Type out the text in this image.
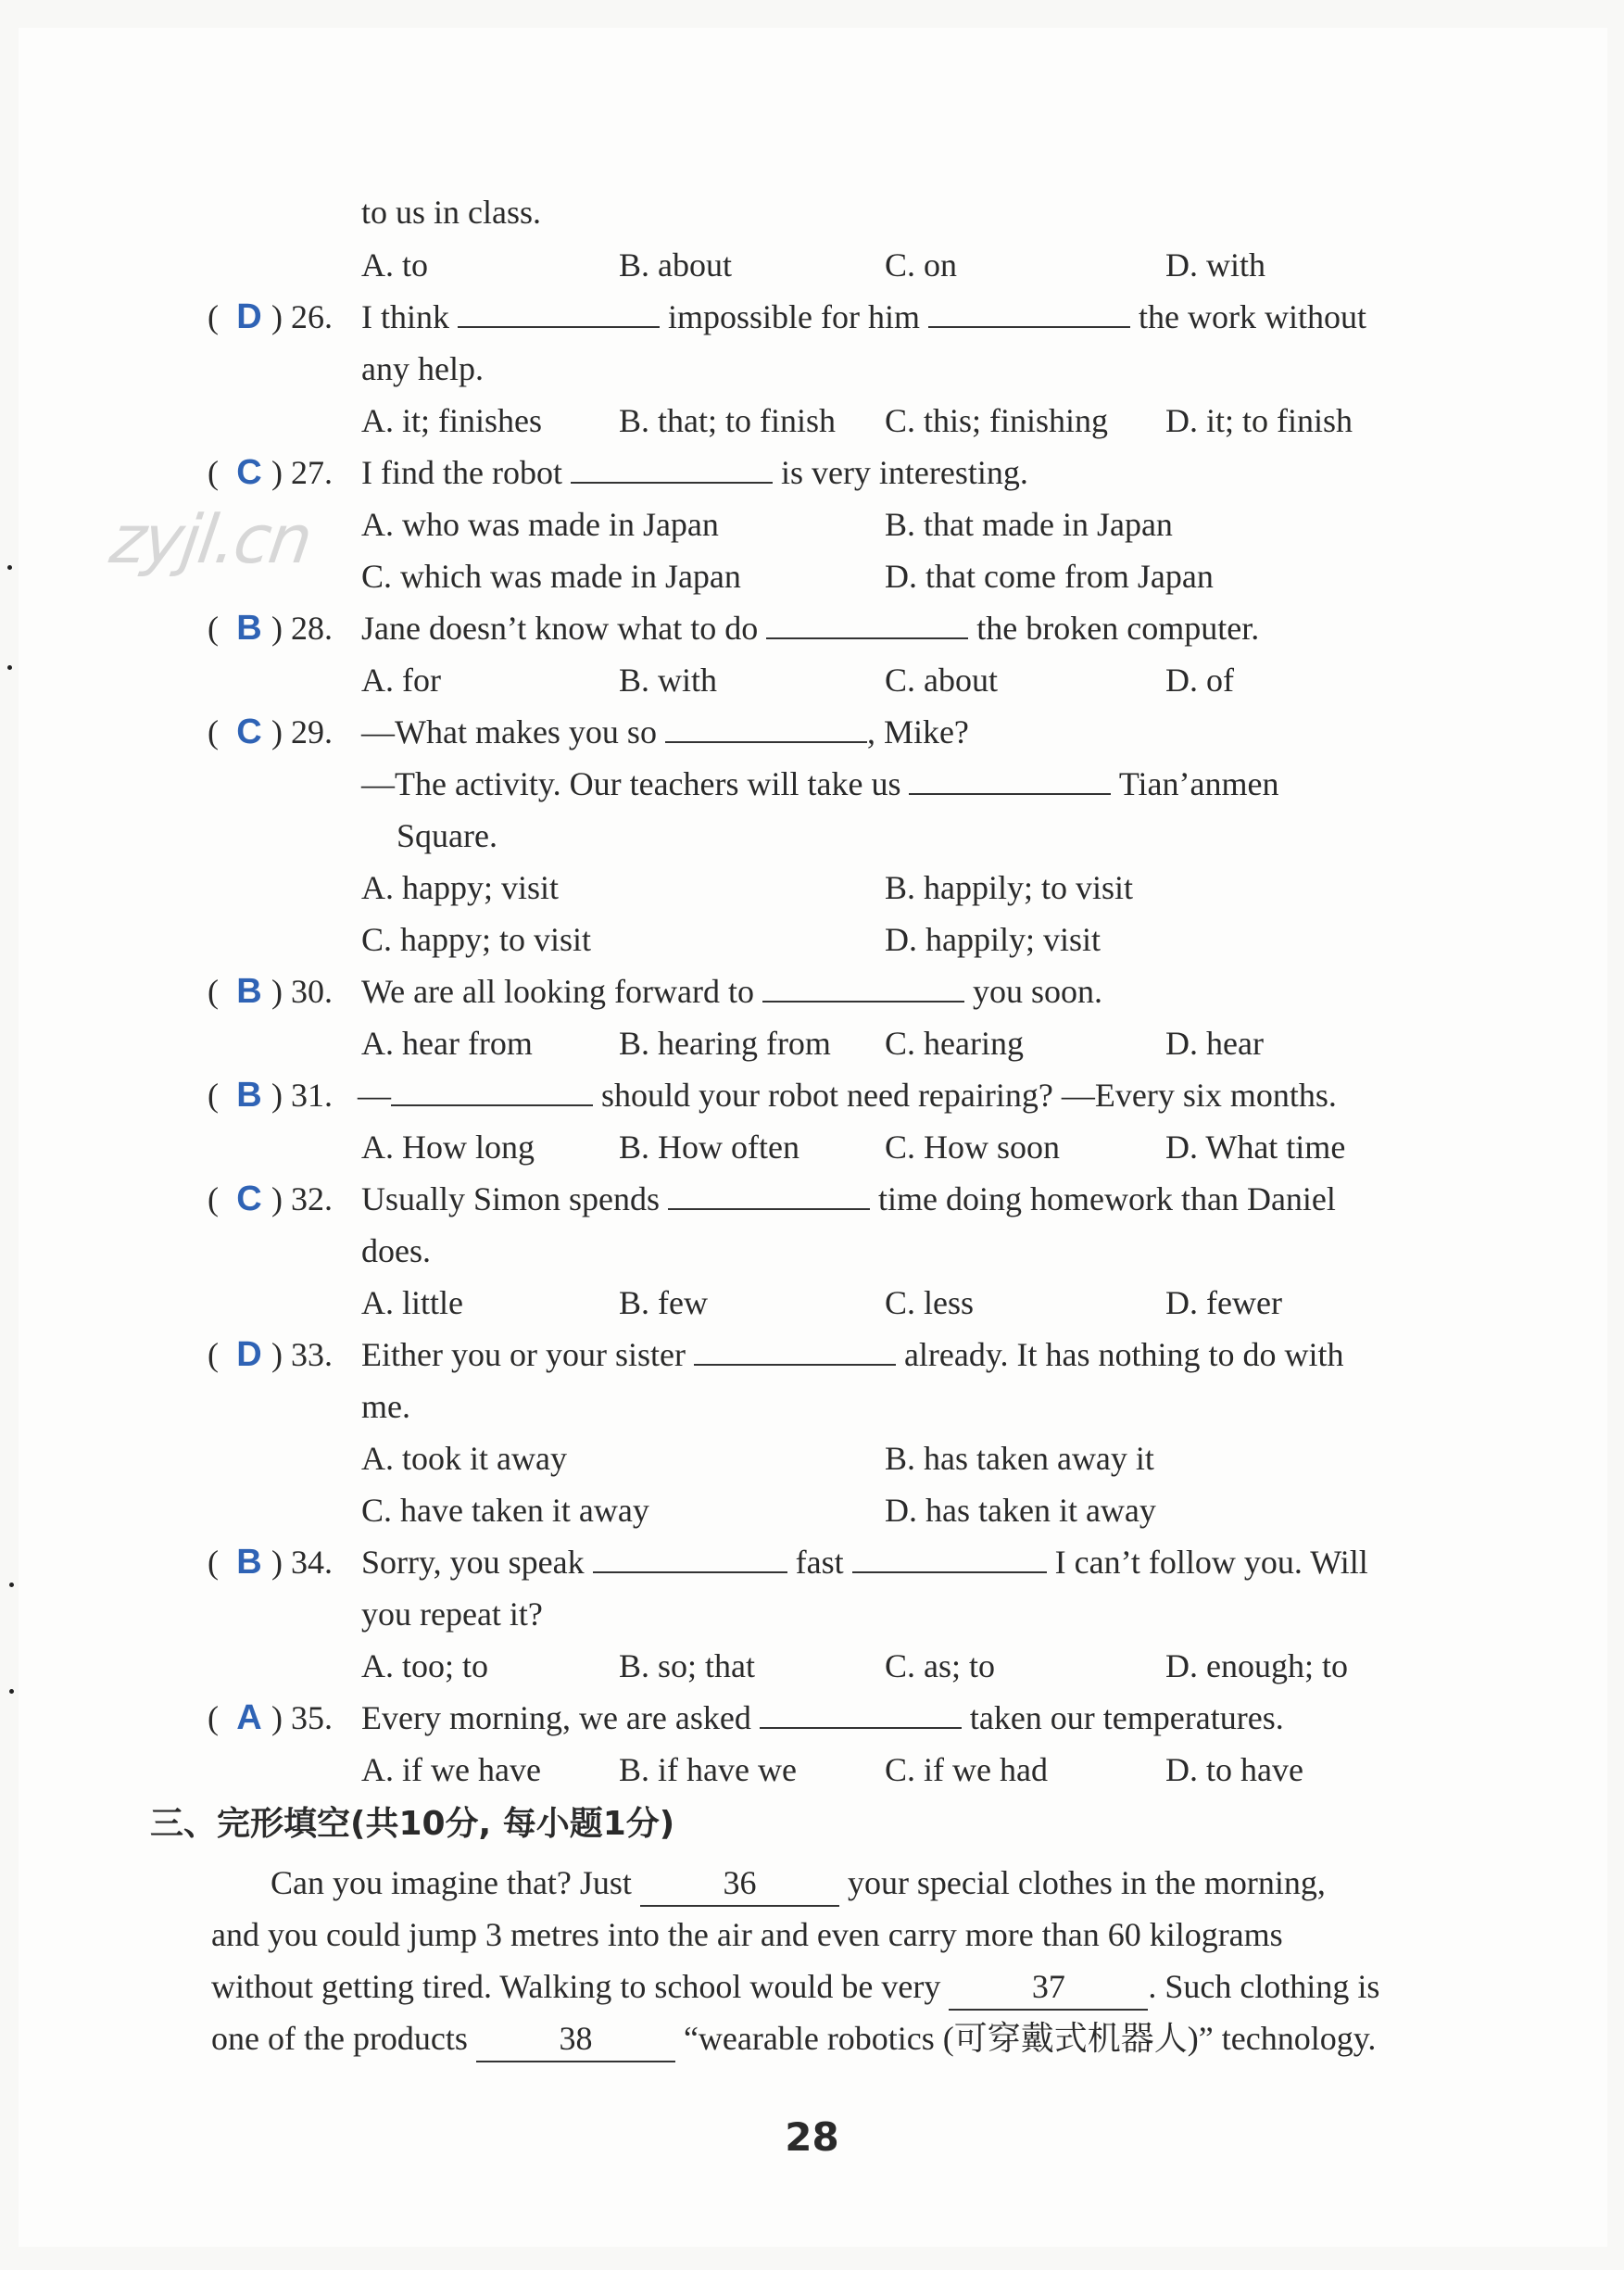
zyjl.cn
to us in class.
A. to	B. about	C. on	D. with
( D ) 26. I think	impossible for him	the work without
any help.
A. it; finishes B. that; to finish C. this; finishing D. it; to finish
( C ) 27. I find the robot	is very interesting.
A. who was made in Japan	B. that made in Japan
C. which was made in Japan	D. that come from Japan
( B ) 28. Jane doesn’t know what to do	the broken computer.
A. for	B. with	C. about	D. of
( C ) 29. —What makes you so	, Mike?
—The activity. Our teachers will take us	Tian’anmen
Square.
A. happy; visit	B. happily; to visit
C. happy; to visit	D. happily; visit
( B ) 30. We are all looking forward to	you soon.
A. hear from	B. hearing from C. hearing	D. hear
( B ) 31. —	should your robot need repairing? —Every six months.
A. How long	B. How often	C. How soon	D. What time
( C ) 32. Usually Simon spends	time doing homework than Daniel
does.
A. little	B. few	C. less	D. fewer
( D ) 33. Either you or your sister	already. It has nothing to do with
me.
A. took it away	B. has taken away it
C. have taken it away	D. has taken it away
( B ) 34. Sorry, you speak	fast	I can’t follow you. Will
you repeat it?
A. too; to	B. so; that	C. as; to	D. enough; to
( A ) 35. Every morning, we are asked	taken our temperatures.
A. if we have B. if have we	C. if we had	D. to have
三、完形填空(共10分, 每小题1分)
Can you imagine that? Just	36	your special clothes in the morning,
and you could jump 3 metres into the air and even carry more than 60 kilograms
without getting tired. Walking to school would be very	37 . Such clothing is
one of the products	38	“wearable robotics (可穿戴式机器人)” technology.
28
